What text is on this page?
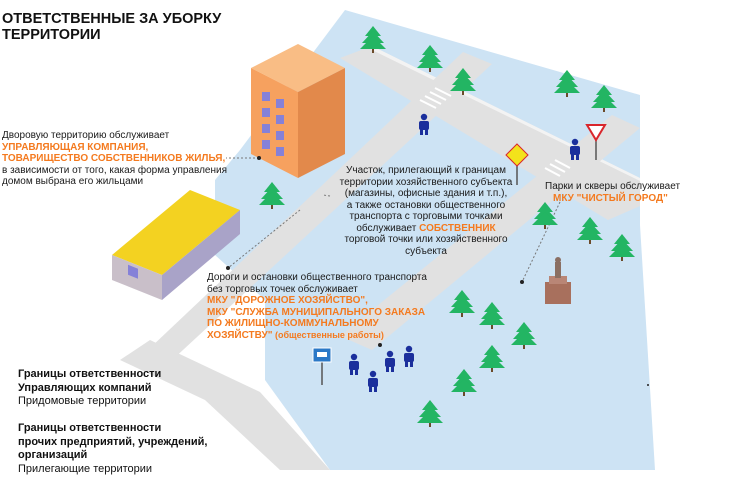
ОТВЕТСТВЕННЫЕ ЗА УБОРКУ
ТЕРРИТОРИИ
Дворовую территорию обслуживает
УПРАВЛЯЮЩАЯ КОМПАНИЯ,
ТОВАРИЩЕСТВО СОБСТВЕННИКОВ ЖИЛЬЯ,
в зависимости от того, какая форма управления
домом выбрана его жильцами
Участок, прилегающий к границам
территории хозяйственного субъекта
(магазины, офисные здания и т.п.),
а также остановки общественного
транспорта с торговыми точками
обслуживает СОБСТВЕННИК
торговой точки или хозяйственного
субъекта
Парки и скверы обслуживает
МКУ "ЧИСТЫЙ ГОРОД"
Дороги и остановки общественного транспорта
без торговых точек обслуживает
МКУ "ДОРОЖНОЕ ХОЗЯЙСТВО",
МКУ "СЛУЖБА МУНИЦИПАЛЬНОГО ЗАКАЗА
ПО ЖИЛИЩНО-КОММУНАЛЬНОМУ
ХОЗЯЙСТВУ" (общественные работы)
Границы ответственности
Управляющих компаний
Придомовые территории
Границы ответственности
прочих предприятий, учреждений,
организаций
Прилегающие территории
